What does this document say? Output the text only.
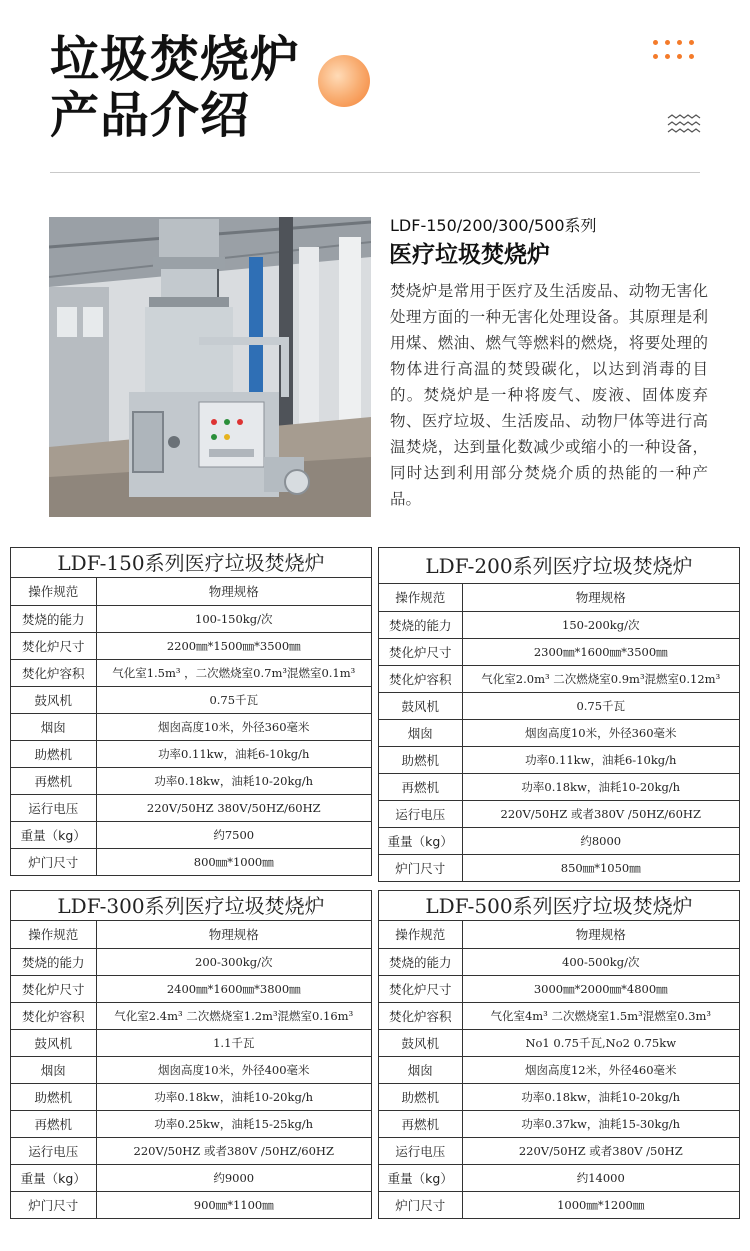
垃圾焚烧炉
产品介绍
LDF-150/200/300/500系列
医疗垃圾焚烧炉
焚烧炉是常用于医疗及生活废品、动物无害化处理方面的一种无害化处理设备。其原理是利用煤、燃油、燃气等燃料的燃烧，将要处理的物体进行高温的焚毁碳化，以达到消毒的目的。焚烧炉是一种将废气、废液、固体废弃物、医疗垃圾、生活废品、动物尸体等进行高温焚烧，达到量化数减少或缩小的一种设备，同时达到利用部分焚烧介质的热能的一种产品。
LDF-150系列医疗垃圾焚烧炉
操作规范	物理规格
焚烧的能力	100-150kg/次
焚化炉尺寸	2200㎜*1500㎜*3500㎜
焚化炉容积	气化室1.5m³ ，二次燃烧室0.7m³混燃室0.1m³
鼓风机	0.75千瓦
烟囱	烟囱高度10米，外径360毫米
助燃机	功率0.11kw，油耗6-10kg/h
再燃机	功率0.18kw，油耗10-20kg/h
运行电压	220V/50HZ 380V/50HZ/60HZ
重量（kg）	约7500
炉门尺寸	800㎜*1000㎜
LDF-200系列医疗垃圾焚烧炉
操作规范	物理规格
焚烧的能力	150-200kg/次
焚化炉尺寸	2300㎜*1600㎜*3500㎜
焚化炉容积	气化室2.0m³ 二次燃烧室0.9m³混燃室0.12m³
鼓风机	0.75千瓦
烟囱	烟囱高度10米，外径360毫米
助燃机	功率0.11kw，油耗6-10kg/h
再燃机	功率0.18kw，油耗10-20kg/h
运行电压	220V/50HZ 或者380V /50HZ/60HZ
重量（kg）	约8000
炉门尺寸	850㎜*1050㎜
LDF-300系列医疗垃圾焚烧炉
操作规范	物理规格
焚烧的能力	200-300kg/次
焚化炉尺寸	2400㎜*1600㎜*3800㎜
焚化炉容积	气化室2.4m³ 二次燃烧室1.2m³混燃室0.16m³
鼓风机	1.1千瓦
烟囱	烟囱高度10米，外径400毫米
助燃机	功率0.18kw，油耗10-20kg/h
再燃机	功率0.25kw，油耗15-25kg/h
运行电压	220V/50HZ 或者380V /50HZ/60HZ
重量（kg）	约9000
炉门尺寸	900㎜*1100㎜
LDF-500系列医疗垃圾焚烧炉
操作规范	物理规格
焚烧的能力	400-500kg/次
焚化炉尺寸	3000㎜*2000㎜*4800㎜
焚化炉容积	气化室4m³ 二次燃烧室1.5m³混燃室0.3m³
鼓风机	No1 0.75千瓦,No2 0.75kw
烟囱	烟囱高度12米，外径460毫米
助燃机	功率0.18kw，油耗10-20kg/h
再燃机	功率0.37kw，油耗15-30kg/h
运行电压	220V/50HZ 或者380V /50HZ
重量（kg）	约14000
炉门尺寸	1000㎜*1200㎜
